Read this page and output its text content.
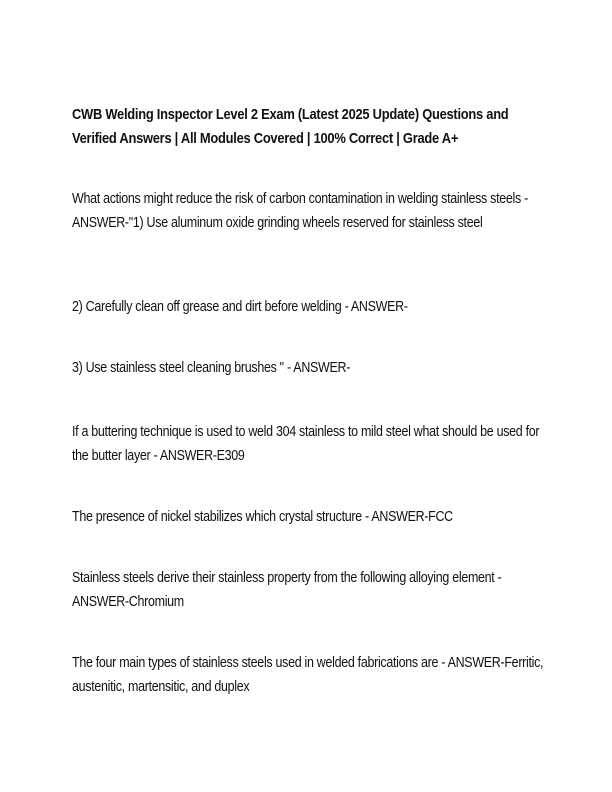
CWB Welding Inspector Level 2 Exam (Latest 2025 Update) Questions and Verified Answers | All Modules Covered | 100% Correct | Grade A+

What actions might reduce the risk of carbon contamination in welding stainless steels - ANSWER-"1) Use aluminum oxide grinding wheels reserved for stainless steel

2) Carefully clean off grease and dirt before welding - ANSWER-

3) Use stainless steel cleaning brushes " - ANSWER-

If a buttering technique is used to weld 304 stainless to mild steel what should be used for the butter layer - ANSWER-E309

The presence of nickel stabilizes which crystal structure - ANSWER-FCC

Stainless steels derive their stainless property from the following alloying element - ANSWER-Chromium

The four main types of stainless steels used in welded fabrications are - ANSWER-Ferritic, austenitic, martensitic, and duplex
